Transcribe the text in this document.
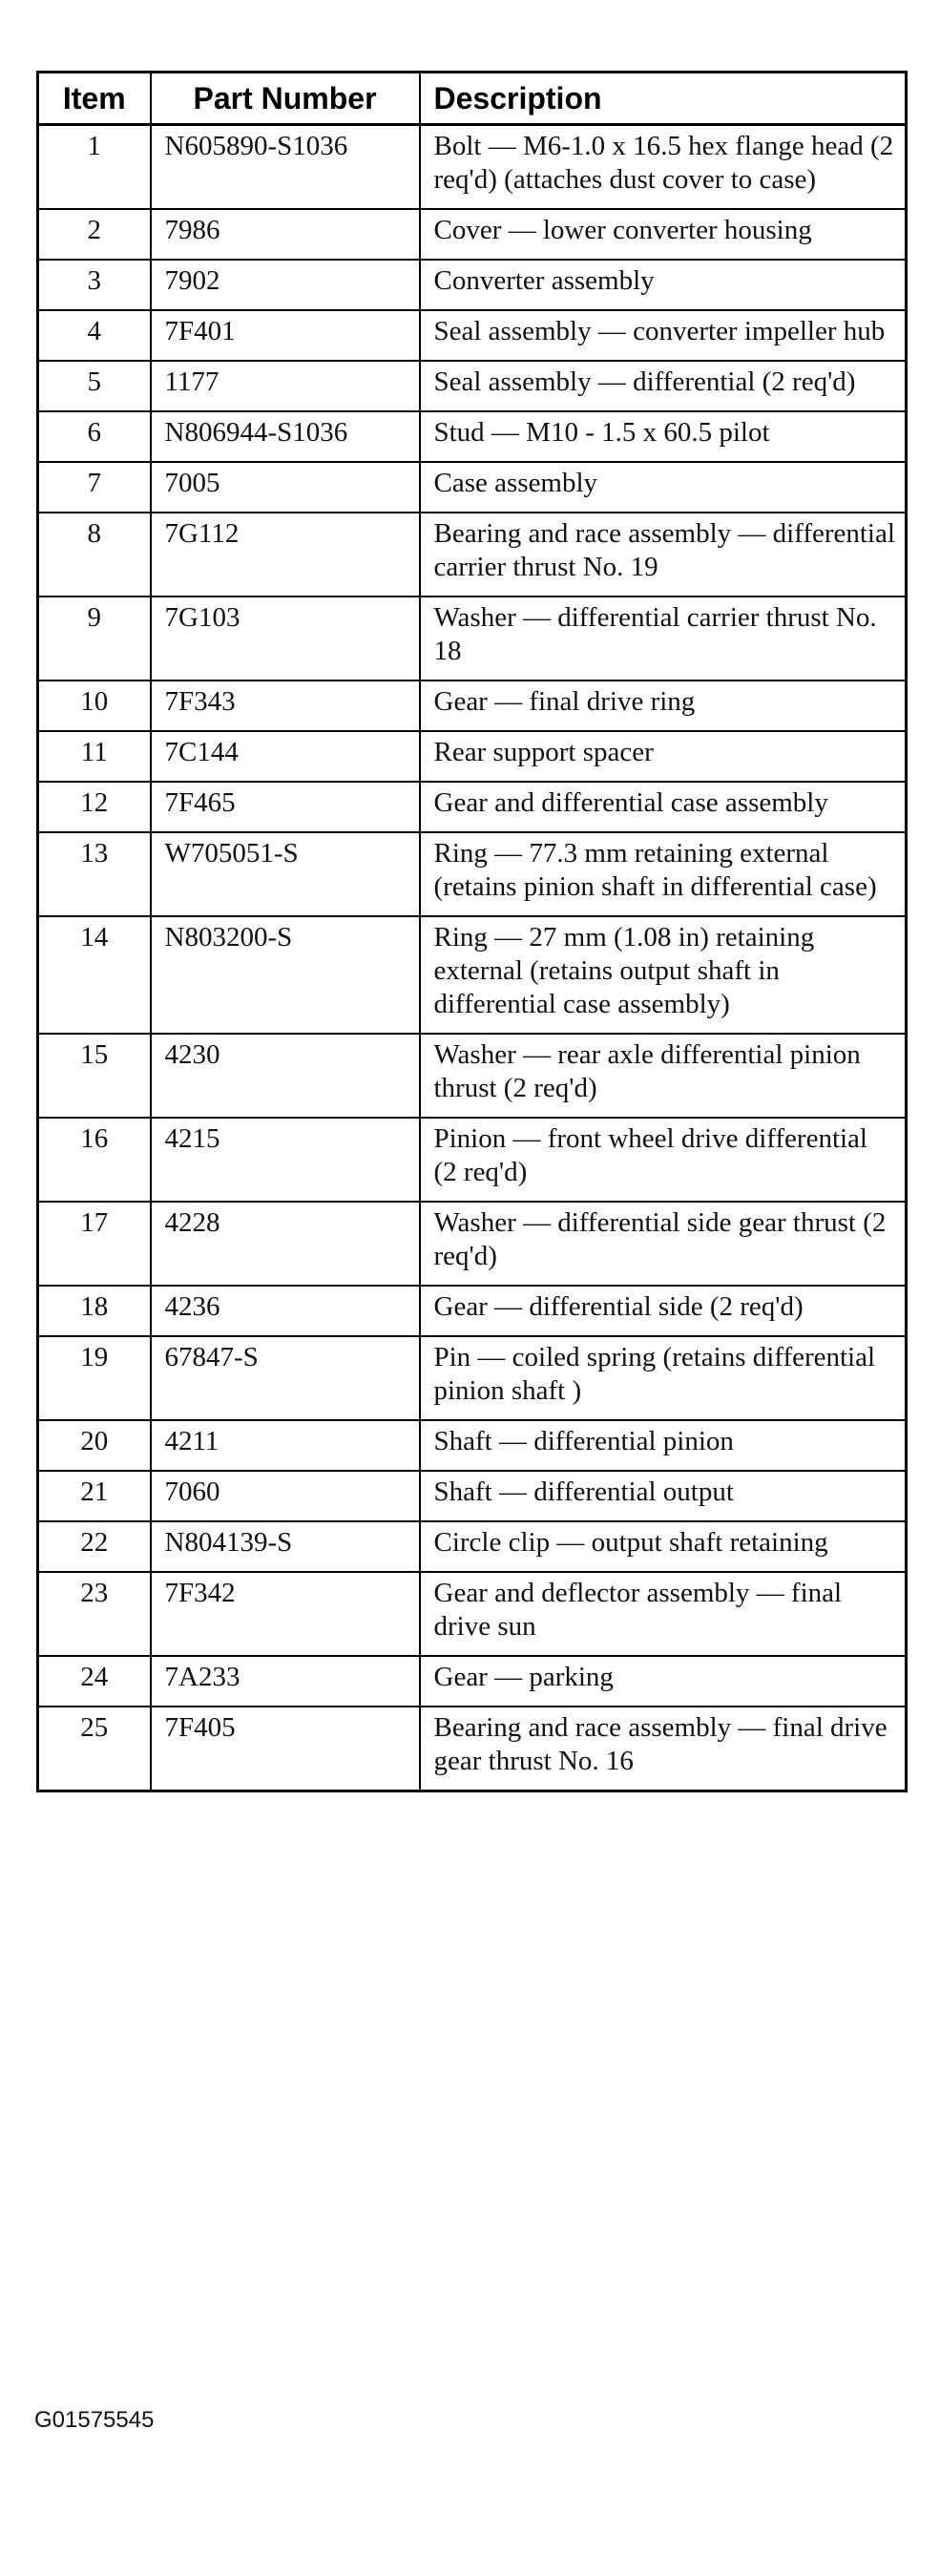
Item	Part Number	Description
1	N605890-S1036	Bolt — M6-1.0 x 16.5 hex flange head (2 req'd) (attaches dust cover to case)
2	7986	Cover — lower converter housing
3	7902	Converter assembly
4	7F401	Seal assembly — converter impeller hub
5	1177	Seal assembly — differential (2 req'd)
6	N806944-S1036	Stud — M10 - 1.5 x 60.5 pilot
7	7005	Case assembly
8	7G112	Bearing and race assembly — differential carrier thrust No. 19
9	7G103	Washer — differential carrier thrust No. 18
10	7F343	Gear — final drive ring
11	7C144	Rear support spacer
12	7F465	Gear and differential case assembly
13	W705051-S	Ring — 77.3 mm retaining external (retains pinion shaft in differential case)
14	N803200-S	Ring — 27 mm (1.08 in) retaining external (retains output shaft in differential case assembly)
15	4230	Washer — rear axle differential pinion thrust (2 req'd)
16	4215	Pinion — front wheel drive differential (2 req'd)
17	4228	Washer — differential side gear thrust (2 req'd)
18	4236	Gear — differential side (2 req'd)
19	67847-S	Pin — coiled spring (retains differential pinion shaft )
20	4211	Shaft — differential pinion
21	7060	Shaft — differential output
22	N804139-S	Circle clip — output shaft retaining
23	7F342	Gear and deflector assembly — final drive sun
24	7A233	Gear — parking
25	7F405	Bearing and race assembly — final drive gear thrust No. 16
G01575545
